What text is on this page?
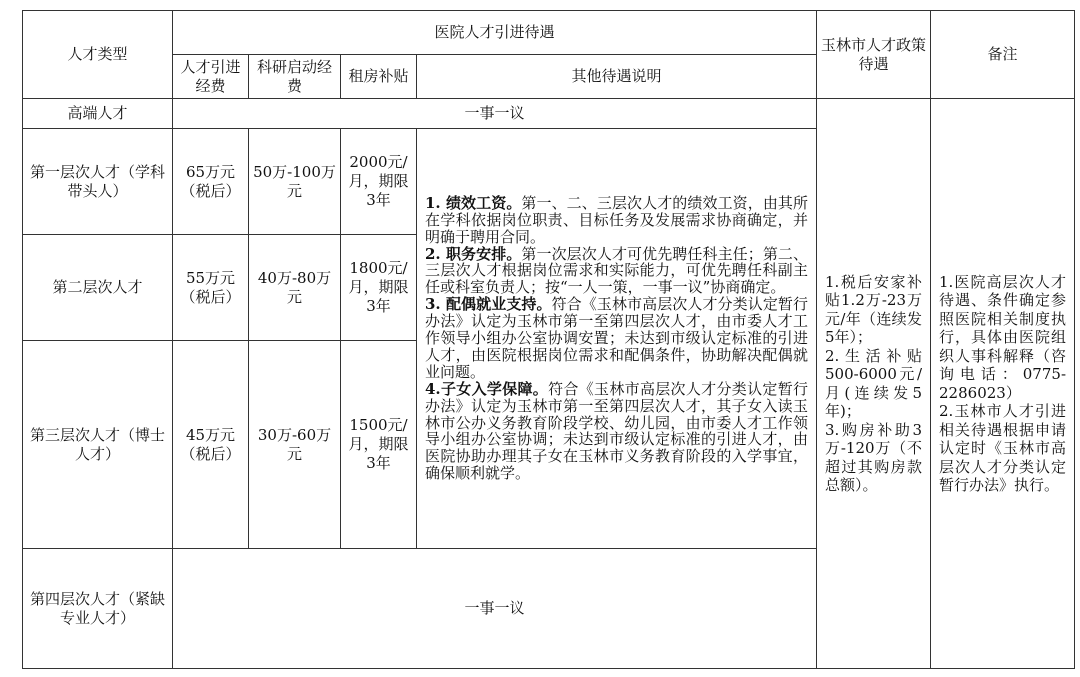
人才类型	医院人才引进待遇				玉林市人才政策待遇	备注
	人才引进经费	科研启动经费	租房补贴	其他待遇说明		
高端人才	一事一议				1.税后安家补贴1.2万-23万元/年（连续发5年）；
2.生活补贴500-6000元/月(连续发5年)；
3.购房补助3万-120万（不超过其购房款总额）。	1.医院高层次人才待遇、条件确定参照医院相关制度执行，具体由医院组织人事科解释（咨询电话：0775-2286023）
2.玉林市人才引进相关待遇根据申请认定时《玉林市高层次人才分类认定暂行办法》执行。

第一层次人才（学科带头人）	65万元（税后）	50万-100万元	2000元/月，期限3年	1. 绩效工资。第一、二、三层次人才的绩效工资，由其所在学科依据岗位职责、目标任务及发展需求协商确定，并明确于聘用合同。
2. 职务安排。第一次层次人才可优先聘任科主任；第二、三层次人才根据岗位需求和实际能力，可优先聘任科副主任或科室负责人；按“一人一策，一事一议”协商确定。
3. 配偶就业支持。符合《玉林市高层次人才分类认定暂行办法》认定为玉林市第一至第四层次人才，由市委人才工作领导小组办公室协调安置；未达到市级认定标准的引进人才，由医院根据岗位需求和配偶条件，协助解决配偶就业问题。
4.子女入学保障。符合《玉林市高层次人才分类认定暂行办法》认定为玉林市第一至第四层次人才，其子女入读玉林市公办义务教育阶段学校、幼儿园，由市委人才工作领导小组办公室协调；未达到市级认定标准的引进人才，由医院协助办理其子女在玉林市义务教育阶段的入学事宜，确保顺利就学。		

第二层次人才	55万元（税后）	40万-80万元	1800元/月，期限3年			
第三层次人才（博士人才）	45万元（税后）	30万-60万元	1500元/月，期限3年			
第四层次人才（紧缺专业人才）	一事一议					
